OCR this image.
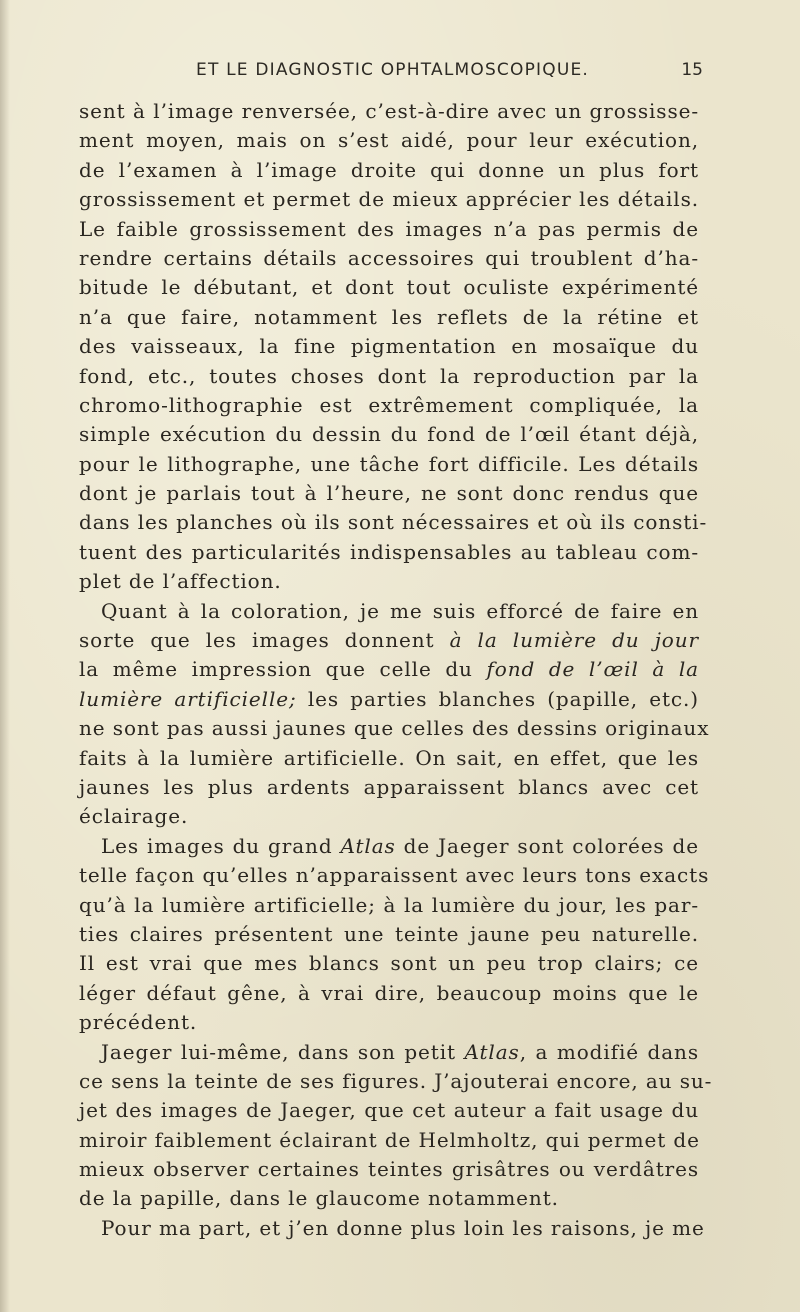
ET LE DIAGNOSTIC OPHTALMOSCOPIQUE.	15
sent à l’image renversée, c’est-à-dire avec un grossisse-
ment moyen, mais on s’est aidé, pour leur exécution,
de l’examen à l’image droite qui donne un plus fort
grossissement et permet de mieux apprécier les détails.
Le faible grossissement des images n’a pas permis de
rendre certains détails accessoires qui troublent d’ha-
bitude le débutant, et dont tout oculiste expérimenté
n’a que faire, notamment les reflets de la rétine et
des vaisseaux, la fine pigmentation en mosaïque du
fond, etc., toutes choses dont la reproduction par la
chromo-lithographie est extrêmement compliquée, la
simple exécution du dessin du fond de l’œil étant déjà,
pour le lithographe, une tâche fort difficile. Les détails
dont je parlais tout à l’heure, ne sont donc rendus que
dans les planches où ils sont nécessaires et où ils consti-
tuent des particularités indispensables au tableau com-
plet de l’affection.
Quant à la coloration, je me suis efforcé de faire en
sorte que les images donnent à la lumière du jour
la même impression que celle du fond de l’œil à la
lumière artificielle; les parties blanches (papille, etc.)
ne sont pas aussi jaunes que celles des dessins originaux
faits à la lumière artificielle. On sait, en effet, que les
jaunes les plus ardents apparaissent blancs avec cet
éclairage.
Les images du grand Atlas de Jaeger sont colorées de
telle façon qu’elles n’apparaissent avec leurs tons exacts
qu’à la lumière artificielle; à la lumière du jour, les par-
ties claires présentent une teinte jaune peu naturelle.
Il est vrai que mes blancs sont un peu trop clairs; ce
léger défaut gêne, à vrai dire, beaucoup moins que le
précédent.
Jaeger lui-même, dans son petit Atlas, a modifié dans
ce sens la teinte de ses figures. J’ajouterai encore, au su-
jet des images de Jaeger, que cet auteur a fait usage du
miroir faiblement éclairant de Helmholtz, qui permet de
mieux observer certaines teintes grisâtres ou verdâtres
de la papille, dans le glaucome notamment.
Pour ma part, et j’en donne plus loin les raisons, je me
